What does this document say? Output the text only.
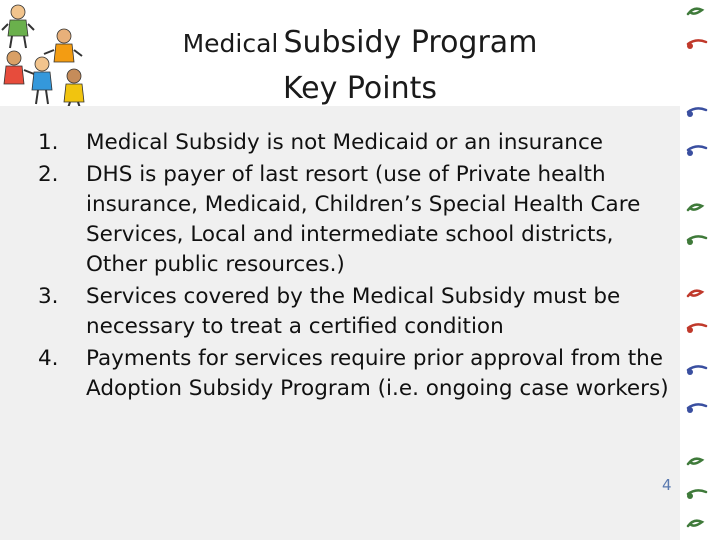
Medical Subsidy Program
Key Points
1. Medical Subsidy is not Medicaid or an insurance
2. DHS is payer of last resort (use of Private health insurance, Medicaid, Children’s Special Health Care Services, Local and intermediate school districts, Other public resources.)
3. Services covered by the Medical Subsidy must be necessary to treat a certified condition
4. Payments for services require prior approval from the Adoption Subsidy Program (i.e. ongoing case workers)
4
